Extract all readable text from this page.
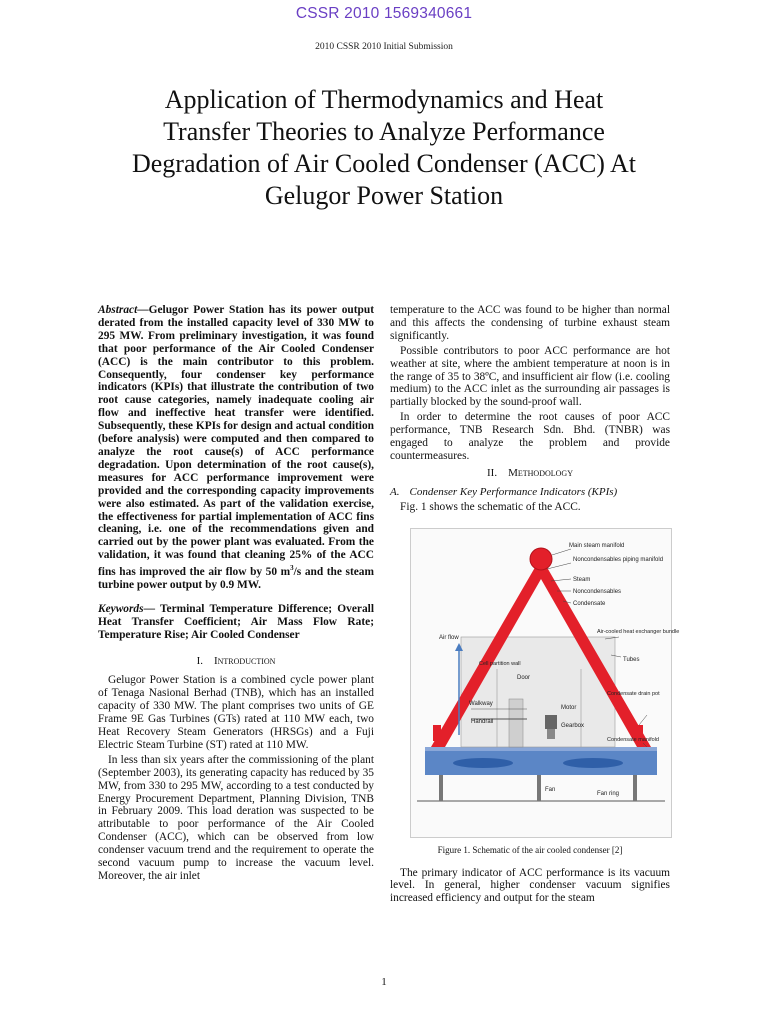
CSSR 2010 1569340661
2010 CSSR 2010 Initial Submission
Application of Thermodynamics and Heat Transfer Theories to Analyze Performance Degradation of Air Cooled Condenser (ACC) At Gelugor Power Station

Abstract—Gelugor Power Station has its power output derated from the installed capacity level of 330 MW to 295 MW. From preliminary investigation, it was found that poor performance of the Air Cooled Condenser (ACC) is the main contributor to this problem. Consequently, four condenser key performance indicators (KPIs) that illustrate the contribution of two root cause categories, namely inadequate cooling air flow and ineffective heat transfer were identified. Subsequently, these KPIs for design and actual condition (before analysis) were computed and then compared to analyze the root cause(s) of ACC performance degradation. Upon determination of the root cause(s), measures for ACC performance improvement were provided and the corresponding capacity improvements were also estimated. As part of the validation exercise, the effectiveness for partial implementation of ACC fins cleaning, i.e. one of the recommendations given and carried out by the power plant was evaluated. From the validation, it was found that cleaning 25% of the ACC fins has improved the air flow by 50 $m^3/s$ and the steam turbine power output by 0.9 MW.

Keywords— Terminal Temperature Difference; Overall Heat Transfer Coefficient; Air Mass Flow Rate; Temperature Rise; Air Cooled Condenser

I. Introduction

Gelugor Power Station is a combined cycle power plant of Tenaga Nasional Berhad (TNB), which has an installed capacity of 330 MW. The plant comprises two units of GE Frame 9E Gas Turbines (GTs) rated at 110 MW each, two Heat Recovery Steam Generators (HRSGs) and a Fuji Electric Steam Turbine (ST) rated at 110 MW.

In less than six years after the commissioning of the plant (September 2003), its generating capacity has reduced by 35 MW, from 330 to 295 MW, according to a test conducted by Energy Procurement Department, Planning Division, TNB in February 2009. This load deration was suspected to be attributable to poor performance of the Air Cooled Condenser (ACC), which can be observed from low condenser vacuum trend and the requirement to operate the second vacuum pump to increase the vacuum level. Moreover, the air inlet

temperature to the ACC was found to be higher than normal and this affects the condensing of turbine exhaust steam significantly.

Possible contributors to poor ACC performance are hot weather at site, where the ambient temperature at noon is in the range of 35 to 38ºC, and insufficient air flow (i.e. cooling medium) to the ACC inlet as the surrounding air passages is partially blocked by the sound-proof wall.

In order to determine the root causes of poor ACC performance, TNB Research Sdn. Bhd. (TNBR) was engaged to analyze the problem and provide countermeasures.

II. Methodology

A. Condenser Key Performance Indicators (KPIs)

Fig. 1 shows the schematic of the ACC.

Main steam manifold
Noncondensables piping manifold
Steam
Noncondensables
Condensate
Air flow
Air-cooled heat exchanger bundle
Tubes
Cell partition wall
Door
Condensate drain pot
Walkway
Handrail
Motor
Gearbox
Condensate manifold
Fan
Fan ring

Figure 1. Schematic of the air cooled condenser [2]

The primary indicator of ACC performance is its vacuum level. In general, higher condenser vacuum signifies increased efficiency and output for the steam

1
